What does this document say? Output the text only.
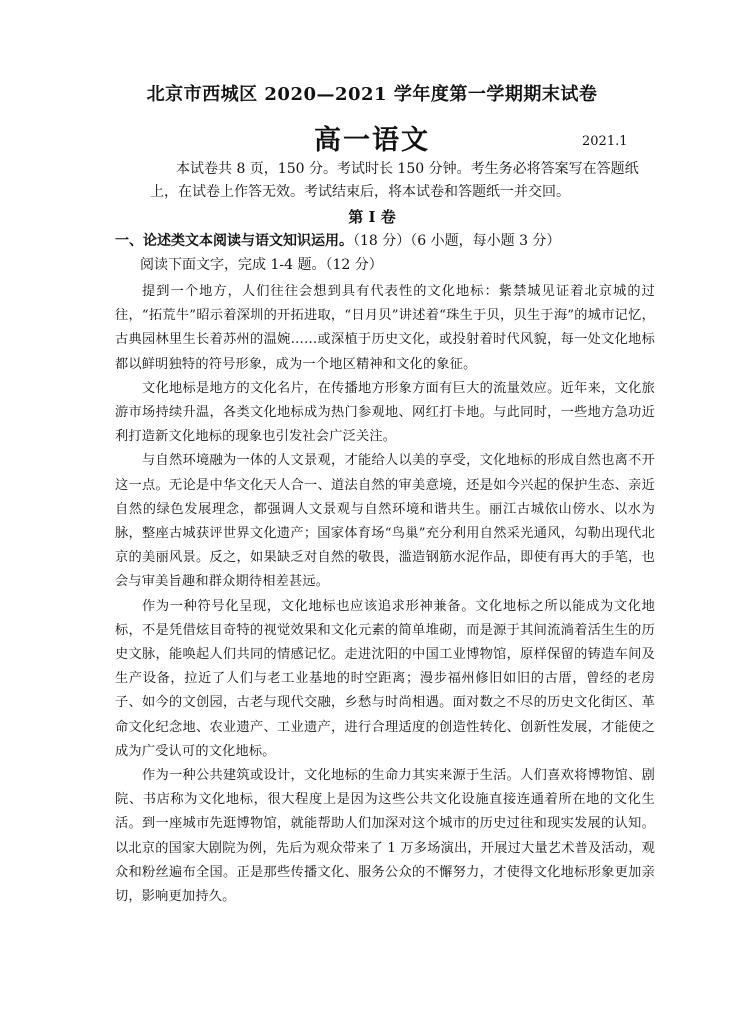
北京市西城区 2020—2021 学年度第一学期期末试卷
高一语文	2021.1
本试卷共 8 页，150 分。考试时长 150 分钟。考生务必将答案写在答题纸上，在试卷上作答无效。考试结束后，将本试卷和答题纸一并交回。
第 I 卷
一、论述类文本阅读与语文知识运用。（18 分）（6 小题，每小题 3 分）
阅读下面文字，完成 1-4 题。（12 分）

提到一个地方，人们往往会想到具有代表性的文化地标：紫禁城见证着北京城的过往，“拓荒牛”昭示着深圳的开拓进取，“日月贝”讲述着“珠生于贝，贝生于海”的城市记忆，古典园林里生长着苏州的温婉……或深植于历史文化，或投射着时代风貌，每一处文化地标都以鲜明独特的符号形象，成为一个地区精神和文化的象征。

文化地标是地方的文化名片，在传播地方形象方面有巨大的流量效应。近年来，文化旅游市场持续升温，各类文化地标成为热门参观地、网红打卡地。与此同时，一些地方急功近利打造新文化地标的现象也引发社会广泛关注。

与自然环境融为一体的人文景观，才能给人以美的享受，文化地标的形成自然也离不开这一点。无论是中华文化天人合一、道法自然的审美意境，还是如今兴起的保护生态、亲近自然的绿色发展理念，都强调人文景观与自然环境和谐共生。丽江古城依山傍水、以水为脉，整座古城获评世界文化遗产；国家体育场“鸟巢”充分利用自然采光通风，勾勒出现代北京的美丽风景。反之，如果缺乏对自然的敬畏，滥造钢筋水泥作品，即使有再大的手笔，也会与审美旨趣和群众期待相差甚远。

作为一种符号化呈现，文化地标也应该追求形神兼备。文化地标之所以能成为文化地标，不是凭借炫目奇特的视觉效果和文化元素的简单堆砌，而是源于其间流淌着活生生的历史文脉，能唤起人们共同的情感记忆。走进沈阳的中国工业博物馆，原样保留的铸造车间及生产设备，拉近了人们与老工业基地的时空距离；漫步福州修旧如旧的古厝，曾经的老房子、如今的文创园，古老与现代交融，乡愁与时尚相遇。面对数之不尽的历史文化街区、革命文化纪念地、农业遗产、工业遗产，进行合理适度的创造性转化、创新性发展，才能使之成为广受认可的文化地标。

作为一种公共建筑或设计，文化地标的生命力其实来源于生活。人们喜欢将博物馆、剧院、书店称为文化地标，很大程度上是因为这些公共文化设施直接连通着所在地的文化生活。到一座城市先逛博物馆，就能帮助人们加深对这个城市的历史过往和现实发展的认知。以北京的国家大剧院为例，先后为观众带来了 1 万多场演出，开展过大量艺术普及活动，观众和粉丝遍布全国。正是那些传播文化、服务公众的不懈努力，才使得文化地标形象更加亲切，影响更加持久。
